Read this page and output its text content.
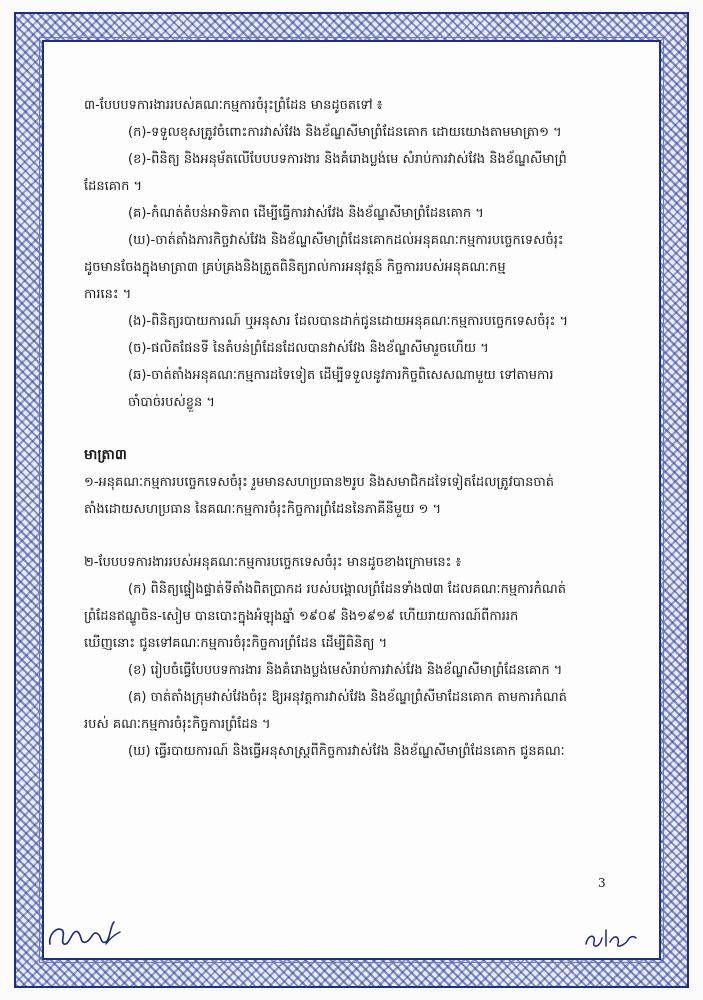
៣-បែបបទការងាររបស់គណៈកម្មការចំរុះព្រំដែន មានដូចតទៅ ៖
(ក)-ទទួលខុសត្រូវចំពោះការវាស់វែង និងខ័ណ្ឌសីមាព្រំដែនគោក ដោយយោងតាមមាត្រា១ ។
(ខ)-ពិនិត្យ និងអនុម័តលើបែបបទការងារ និងគំរោងប្លង់មេ សំរាប់ការវាស់វែង និងខ័ណ្ឌសីមាព្រំ
ដែនគោក ។
(គ)-កំណត់តំបន់អាទិភាព ដើម្បីធ្វើការវាស់វែង និងខ័ណ្ឌសីមាព្រំដែនគោក ។
(ឃ)-ចាត់តាំងភារកិច្ចវាស់វែង និងខ័ណ្ឌសីមាព្រំដែនគោកដល់អនុគណៈកម្មការបច្ចេកទេសចំរុះ
ដូចមានចែងក្នុងមាត្រា៣ គ្រប់គ្រងនិងត្រួតពិនិត្យរាល់ការអនុវត្តន៍ កិច្ចការរបស់អនុគណៈកម្ម
ការនេះ ។
(ង)-ពិនិត្យរបាយការណ៍ ឬអនុសារ ដែលបានដាក់ជូនដោយអនុគណៈកម្មការបច្ចេកទេសចំរុះ ។
(ច)-ផលិតផែនទី នៃតំបន់ព្រំដែនដែលបានវាស់វែង និងខ័ណ្ឌសីមារួចហើយ ។
(ឆ)-ចាត់តាំងអនុគណៈកម្មការដទៃទៀត ដើម្បីទទួលនូវភារកិច្ចពិសេសណាមួយ ទៅតាមការ
ចាំបាច់របស់ខ្លួន ។
មាត្រា៣
១-អនុគណៈកម្មការបច្ចេកទេសចំរុះ រួមមានសហប្រធាន២រូប និងសមាជិកដទៃទៀតដែលត្រូវបានចាត់
តាំងដោយសហប្រធាន នៃគណៈកម្មការចំរុះកិច្ចការព្រំដែននៃភាគីនីមួយ ១ ។
២-បែបបទការងាររបស់អនុគណៈកម្មការបច្ចេកទេសចំរុះ មានដូចខាងក្រោមនេះ ៖
(ក) ពិនិត្យផ្ទៀងផ្ទាត់ទីតាំងពិតប្រាកដ របស់បង្គោលព្រំដែនទាំង៧៣ ដែលគណៈកម្មការកំណត់
ព្រំដែនឥណ្ឌូចិន-សៀម បានបោះក្នុងអំឡុងឆ្នាំ ១៩០៩ និង១៩១៩ ហើយរាយការណ៍ពីការរក
ឃើញនោះ ជូនទៅគណៈកម្មការចំរុះកិច្ចការព្រំដែន ដើម្បីពិនិត្យ ។
(ខ) រៀបចំធ្វើបែបបទការងារ និងគំរោងប្លង់មេសំរាប់ការវាស់វែង និងខ័ណ្ឌសីមាព្រំដែនគោក ។
(គ) ចាត់តាំងក្រុមវាស់វែងចំរុះ ឱ្យអនុវត្តការវាស់វែង និងខ័ណ្ឌព្រំសីមាដែនគោក តាមការកំណត់
របស់ គណៈកម្មការចំរុះកិច្ចការព្រំដែន ។
(ឃ) ធ្វើរបាយការណ៍ និងធ្វើអនុសាស្ត្រពីកិច្ចការវាស់វែង និងខ័ណ្ឌសីមាព្រំដែនគោក ជូនគណៈ
3
